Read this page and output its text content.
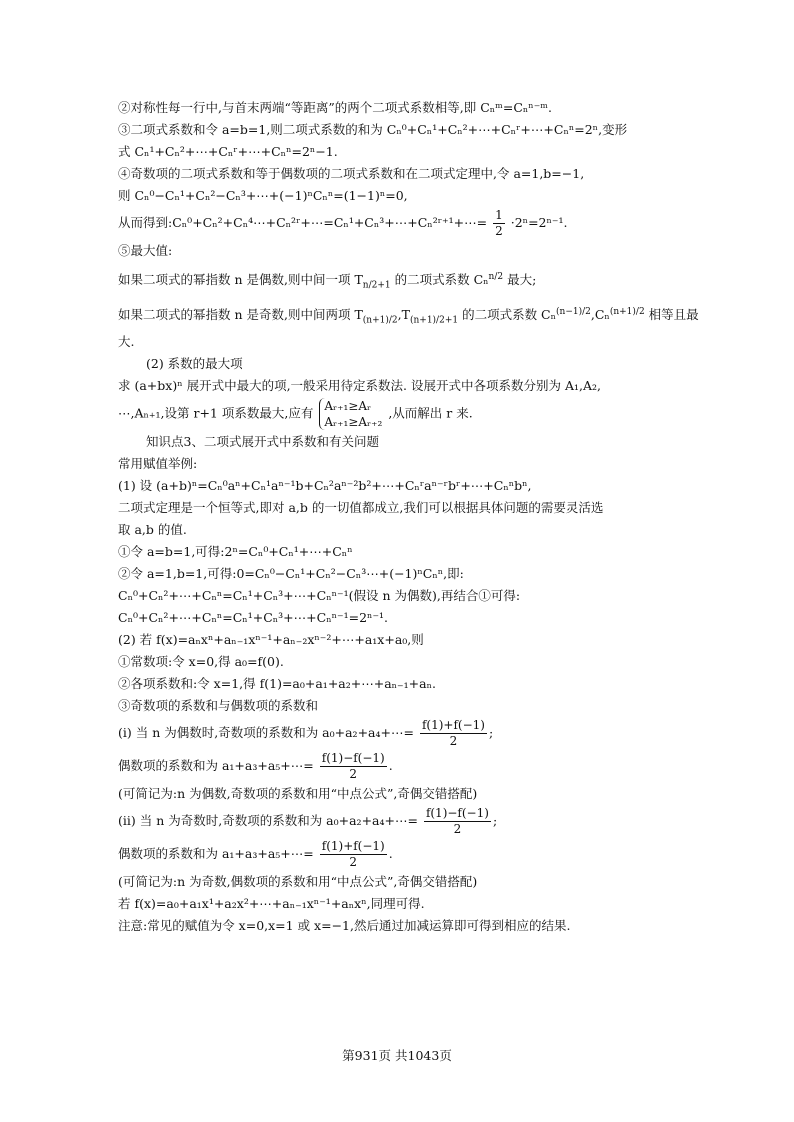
②对称性每一行中,与首末两端“等距离”的两个二项式系数相等,即 Cₙᵐ=Cₙⁿ⁻ᵐ.
③二项式系数和令 a=b=1,则二项式系数的和为 Cₙ⁰+Cₙ¹+Cₙ²+⋯+Cₙʳ+⋯+Cₙⁿ=2ⁿ,变形
式 Cₙ¹+Cₙ²+⋯+Cₙʳ+⋯+Cₙⁿ=2ⁿ−1.
④奇数项的二项式系数和等于偶数项的二项式系数和在二项式定理中,令 a=1,b=−1,
则 Cₙ⁰−Cₙ¹+Cₙ²−Cₙ³+⋯+(−1)ⁿCₙⁿ=(1−1)ⁿ=0,
从而得到:Cₙ⁰+Cₙ²+Cₙ⁴⋯+Cₙ²ʳ+⋯=Cₙ¹+Cₙ³+⋯+Cₙ²ʳ⁺¹+⋯= $\frac{1}{2} \cdot 2^n=2^{n-1}$.
⑤最大值:
如果二项式的幂指数 n 是偶数,则中间一项 $T_{n/2+1}$ 的二项式系数 Cₙ$^{n/2}$ 最大;
如果二项式的幂指数 n 是奇数,则中间两项 $T_{(n+1)/2},T_{(n+1)/2+1}$ 的二项式系数 Cₙ$^{(n-1)/2}$,Cₙ$^{(n+1)/2}$ 相等且最
大.
(2) 系数的最大项
求 (a+bx)ⁿ 展开式中最大的项,一般采用待定系数法. 设展开式中各项系数分别为 A₁,A₂,
⋯,Aₙ₊₁,设第 r+1 项系数最大,应有 Aᵣ₊₁≥Aᵣ
Aᵣ₊₁≥Aᵣ₊₂
,从而解出 r 来.
知识点3、二项式展开式中系数和有关问题
常用赋值举例:
(1) 设 (a+b)ⁿ=Cₙ⁰aⁿ+Cₙ¹aⁿ⁻¹b+Cₙ²aⁿ⁻²b²+⋯+Cₙʳaⁿ⁻ʳbʳ+⋯+Cₙⁿbⁿ,
二项式定理是一个恒等式,即对 a,b 的一切值都成立,我们可以根据具体问题的需要灵活选
取 a,b 的值.
①令 a=b=1,可得:2ⁿ=Cₙ⁰+Cₙ¹+⋯+Cₙⁿ
②令 a=1,b=1,可得:0=Cₙ⁰−Cₙ¹+Cₙ²−Cₙ³⋯+(−1)ⁿCₙⁿ,即:
Cₙ⁰+Cₙ²+⋯+Cₙⁿ=Cₙ¹+Cₙ³+⋯+Cₙⁿ⁻¹(假设 n 为偶数),再结合①可得:
Cₙ⁰+Cₙ²+⋯+Cₙⁿ=Cₙ¹+Cₙ³+⋯+Cₙⁿ⁻¹=2ⁿ⁻¹.
(2) 若 f(x)=aₙxⁿ+aₙ₋₁xⁿ⁻¹+aₙ₋₂xⁿ⁻²+⋯+a₁x+a₀,则
①常数项:令 x=0,得 a₀=f(0).
②各项系数和:令 x=1,得 f(1)=a₀+a₁+a₂+⋯+aₙ₋₁+aₙ.
③奇数项的系数和与偶数项的系数和
(i) 当 n 为偶数时,奇数项的系数和为 a₀+a₂+a₄+⋯= $\frac{f(1)+f(-1)}{2}$ ;
偶数项的系数和为 a₁+a₃+a₅+⋯= $\frac{f(1)-f(-1)}{2}$ .
(可简记为:n 为偶数,奇数项的系数和用“中点公式”,奇偶交错搭配)
(ii) 当 n 为奇数时,奇数项的系数和为 a₀+a₂+a₄+⋯= $\frac{f(1)-f(-1)}{2}$ ;
偶数项的系数和为 a₁+a₃+a₅+⋯= $\frac{f(1)+f(-1)}{2}$ .
(可简记为:n 为奇数,偶数项的系数和用“中点公式”,奇偶交错搭配)
若 f(x)=a₀+a₁x¹+a₂x²+⋯+aₙ₋₁xⁿ⁻¹+aₙxⁿ,同理可得.
注意:常见的赋值为令 x=0,x=1 或 x=−1,然后通过加减运算即可得到相应的结果.
第931页 共1043页
